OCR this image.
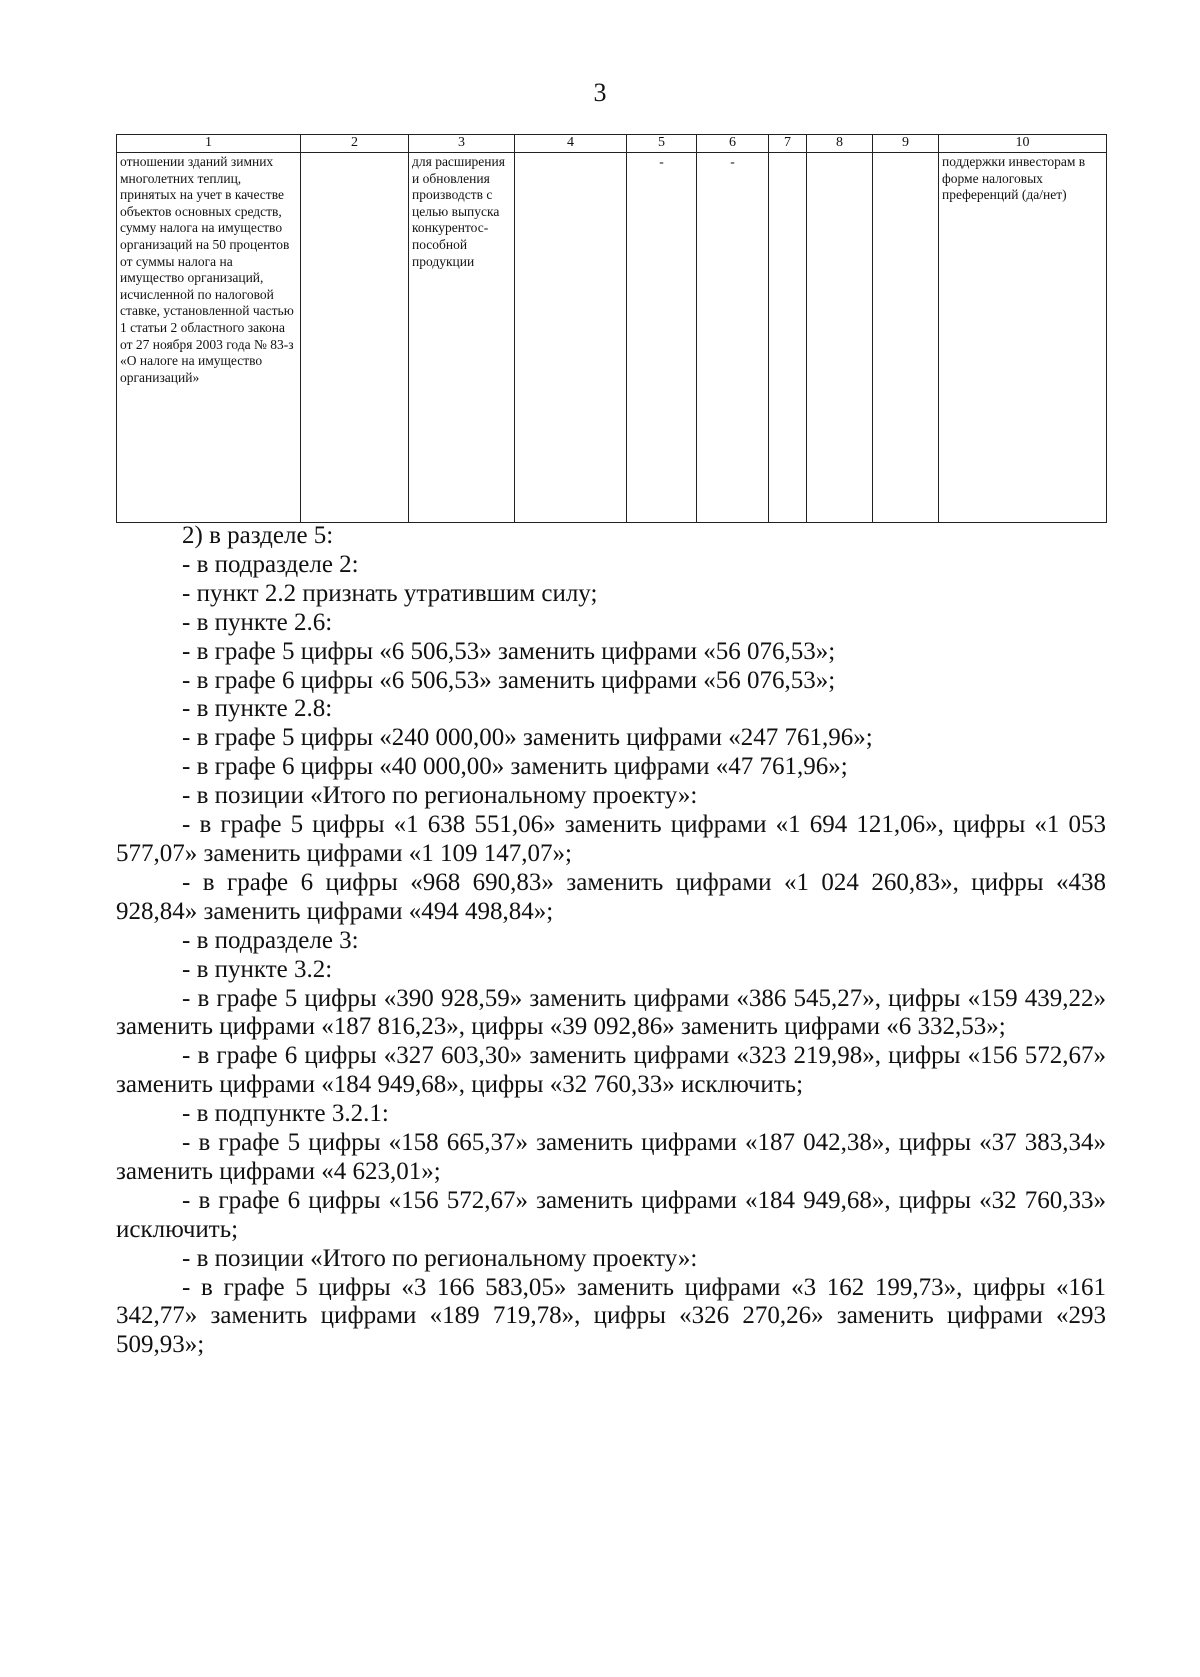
3
1	2	3	4	5	6	7	8	9	10
отношении зданий зимних многолетних теплиц, принятых на учет в качестве объектов основных средств, сумму налога на имущество организаций на 50 процентов от суммы налога на имущество организаций, исчисленной по налоговой ставке, установленной частью 1 статьи 2 областного закона от 27 ноября 2003 года № 83-з «О налоге на имущество организаций»		для расширения и обновления производств с целью выпуска конкурентос-пособной продукции		-	-				поддержки инвесторам в форме налоговых преференций (да/нет)

2) в разделе 5:

- в подразделе 2:

- пункт 2.2 признать утратившим силу;

- в пункте 2.6:

- в графе 5 цифры «6 506,53» заменить цифрами «56 076,53»;

- в графе 6 цифры «6 506,53» заменить цифрами «56 076,53»;

- в пункте 2.8:

- в графе 5 цифры «240 000,00» заменить цифрами «247 761,96»;

- в графе 6 цифры «40 000,00» заменить цифрами «47 761,96»;

- в позиции «Итого по региональному проекту»:

- в графе 5 цифры «1 638 551,06» заменить цифрами «1 694 121,06», цифры «1 053 577,07» заменить цифрами «1 109 147,07»;

- в графе 6 цифры «968 690,83» заменить цифрами «1 024 260,83», цифры «438 928,84» заменить цифрами «494 498,84»;

- в подразделе 3:

- в пункте 3.2:

- в графе 5 цифры «390 928,59» заменить цифрами «386 545,27», цифры «159 439,22» заменить цифрами «187 816,23», цифры «39 092,86» заменить цифрами «6 332,53»;

- в графе 6 цифры «327 603,30» заменить цифрами «323 219,98», цифры «156 572,67» заменить цифрами «184 949,68», цифры «32 760,33» исключить;

- в подпункте 3.2.1:

- в графе 5 цифры «158 665,37» заменить цифрами «187 042,38», цифры «37 383,34» заменить цифрами «4 623,01»;

- в графе 6 цифры «156 572,67» заменить цифрами «184 949,68», цифры «32 760,33» исключить;

- в позиции «Итого по региональному проекту»:

- в графе 5 цифры «3 166 583,05» заменить цифрами «3 162 199,73», цифры «161 342,77» заменить цифрами «189 719,78», цифры «326 270,26» заменить цифрами «293 509,93»;
